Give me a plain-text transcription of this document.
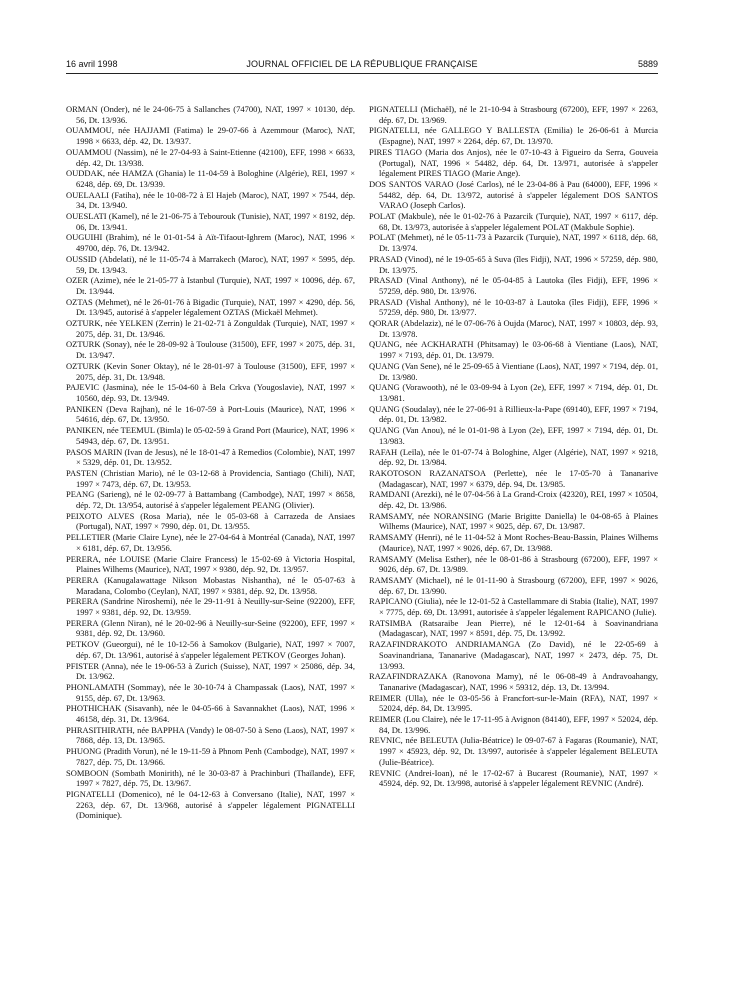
16 avril 1998	JOURNAL OFFICIEL DE LA RÉPUBLIQUE FRANÇAISE	5889

ORMAN (Onder), né le 24-06-75 à Sallanches (74700), NAT, 1997 × 10130, dép. 56, Dt. 13/936.

OUAMMOU, née HAJJAMI (Fatima) le 29-07-66 à Azemmour (Maroc), NAT, 1998 × 6633, dép. 42, Dt. 13/937.

OUAMMOU (Nassim), né le 27-04-93 à Saint-Etienne (42100), EFF, 1998 × 6633, dép. 42, Dt. 13/938.

OUDDAK, née HAMZA (Ghania) le 11-04-59 à Bologhine (Algérie), REI, 1997 × 6248, dép. 69, Dt. 13/939.

OUELAALI (Fatiha), née le 10-08-72 à El Hajeb (Maroc), NAT, 1997 × 7544, dép. 34, Dt. 13/940.

OUESLATI (Kamel), né le 21-06-75 à Tebourouk (Tunisie), NAT, 1997 × 8192, dép. 06, Dt. 13/941.

OUGUIHI (Brahim), né le 01-01-54 à Aït-Tifaout-Ighrem (Maroc), NAT, 1996 × 49700, dép. 76, Dt. 13/942.

OUSSID (Abdelati), né le 11-05-74 à Marrakech (Maroc), NAT, 1997 × 5995, dép. 59, Dt. 13/943.

OZER (Azime), née le 21-05-77 à Istanbul (Turquie), NAT, 1997 × 10096, dép. 67, Dt. 13/944.

OZTAS (Mehmet), né le 26-01-76 à Bigadic (Turquie), NAT, 1997 × 4290, dép. 56, Dt. 13/945, autorisé à s'appeler légalement OZTAS (Mickaël Mehmet).

OZTURK, née YELKEN (Zerrin) le 21-02-71 à Zonguldak (Turquie), NAT, 1997 × 2075, dép. 31, Dt. 13/946.

OZTURK (Sonay), née le 28-09-92 à Toulouse (31500), EFF, 1997 × 2075, dép. 31, Dt. 13/947.

OZTURK (Kevin Soner Oktay), né le 28-01-97 à Toulouse (31500), EFF, 1997 × 2075, dép. 31, Dt. 13/948.

PAJEVIC (Jasmina), née le 15-04-60 à Bela Crkva (Yougoslavie), NAT, 1997 × 10560, dép. 93, Dt. 13/949.

PANIKEN (Deva Rajhan), né le 16-07-59 à Port-Louis (Maurice), NAT, 1996 × 54616, dép. 67, Dt. 13/950.

PANIKEN, née TEEMUL (Bimla) le 05-02-59 à Grand Port (Maurice), NAT, 1996 × 54943, dép. 67, Dt. 13/951.

PASOS MARIN (Ivan de Jesus), né le 18-01-47 à Remedios (Colombie), NAT, 1997 × 5329, dép. 01, Dt. 13/952.

PASTEN (Christian Mario), né le 03-12-68 à Providencia, Santiago (Chili), NAT, 1997 × 7473, dép. 67, Dt. 13/953.

PEANG (Sarieng), né le 02-09-77 à Battambang (Cambodge), NAT, 1997 × 8658, dép. 72, Dt. 13/954, autorisé à s'appeler légalement PEANG (Olivier).

PEIXOTO ALVES (Rosa Maria), née le 05-03-68 à Carrazeda de Ansiaes (Portugal), NAT, 1997 × 7990, dép. 01, Dt. 13/955.

PELLETIER (Marie Claire Lyne), née le 27-04-64 à Montréal (Canada), NAT, 1997 × 6181, dép. 67, Dt. 13/956.

PERERA, née LOUISE (Marie Claire Francess) le 15-02-69 à Victoria Hospital, Plaines Wilhems (Maurice), NAT, 1997 × 9380, dép. 92, Dt. 13/957.

PERERA (Kanugalawattage Nikson Mobastas Nishantha), né le 05-07-63 à Maradana, Colombo (Ceylan), NAT, 1997 × 9381, dép. 92, Dt. 13/958.

PERERA (Sandrine Niroshemi), née le 29-11-91 à Neuilly-sur-Seine (92200), EFF, 1997 × 9381, dép. 92, Dt. 13/959.

PERERA (Glenn Niran), né le 20-02-96 à Neuilly-sur-Seine (92200), EFF, 1997 × 9381, dép. 92, Dt. 13/960.

PETKOV (Gueorgui), né le 10-12-56 à Samokov (Bulgarie), NAT, 1997 × 7007, dép. 67, Dt. 13/961, autorisé à s'appeler légalement PETKOV (Georges Johan).

PFISTER (Anna), née le 19-06-53 à Zurich (Suisse), NAT, 1997 × 25086, dép. 34, Dt. 13/962.

PHONLAMATH (Sommay), née le 30-10-74 à Champassak (Laos), NAT, 1997 × 9155, dép. 67, Dt. 13/963.

PHOTHICHAK (Sisavanh), née le 04-05-66 à Savannakhet (Laos), NAT, 1996 × 46158, dép. 31, Dt. 13/964.

PHRASITHIRATH, née BAPPHA (Vandy) le 08-07-50 à Seno (Laos), NAT, 1997 × 7868, dép. 13, Dt. 13/965.

PHUONG (Pradith Vorun), né le 19-11-59 à Phnom Penh (Cambodge), NAT, 1997 × 7827, dép. 75, Dt. 13/966.

SOMBOON (Sombath Monirith), né le 30-03-87 à Prachinburi (Thaïlande), EFF, 1997 × 7827, dép. 75, Dt. 13/967.

PIGNATELLI (Domenico), né le 04-12-63 à Conversano (Italie), NAT, 1997 × 2263, dép. 67, Dt. 13/968, autorisé à s'appeler légalement PIGNATELLI (Dominique).

PIGNATELLI (Michaël), né le 21-10-94 à Strasbourg (67200), EFF, 1997 × 2263, dép. 67, Dt. 13/969.

PIGNATELLI, née GALLEGO Y BALLESTA (Emilia) le 26-06-61 à Murcia (Espagne), NAT, 1997 × 2264, dép. 67, Dt. 13/970.

PIRES TIAGO (Maria dos Anjos), née le 07-10-43 à Figueiro da Serra, Gouveia (Portugal), NAT, 1996 × 54482, dép. 64, Dt. 13/971, autorisée à s'appeler légalement PIRES TIAGO (Marie Ange).

DOS SANTOS VARAO (José Carlos), né le 23-04-86 à Pau (64000), EFF, 1996 × 54482, dép. 64, Dt. 13/972, autorisé à s'appeler légalement DOS SANTOS VARAO (Joseph Carlos).

POLAT (Makbule), née le 01-02-76 à Pazarcik (Turquie), NAT, 1997 × 6117, dép. 68, Dt. 13/973, autorisée à s'appeler légalement POLAT (Makbule Sophie).

POLAT (Mehmet), né le 05-11-73 à Pazarcik (Turquie), NAT, 1997 × 6118, dép. 68, Dt. 13/974.

PRASAD (Vinod), né le 19-05-65 à Suva (îles Fidji), NAT, 1996 × 57259, dép. 980, Dt. 13/975.

PRASAD (Vinal Anthony), né le 05-04-85 à Lautoka (îles Fidji), EFF, 1996 × 57259, dép. 980, Dt. 13/976.

PRASAD (Vishal Anthony), né le 10-03-87 à Lautoka (îles Fidji), EFF, 1996 × 57259, dép. 980, Dt. 13/977.

QORAR (Abdelaziz), né le 07-06-76 à Oujda (Maroc), NAT, 1997 × 10803, dép. 93, Dt. 13/978.

QUANG, née ACKHARATH (Phitsamay) le 03-06-68 à Vientiane (Laos), NAT, 1997 × 7193, dép. 01, Dt. 13/979.

QUANG (Van Sene), né le 25-09-65 à Vientiane (Laos), NAT, 1997 × 7194, dép. 01, Dt. 13/980.

QUANG (Vorawooth), né le 03-09-94 à Lyon (2e), EFF, 1997 × 7194, dép. 01, Dt. 13/981.

QUANG (Soudalay), née le 27-06-91 à Rillieux-la-Pape (69140), EFF, 1997 × 7194, dép. 01, Dt. 13/982.

QUANG (Van Anou), né le 01-01-98 à Lyon (2e), EFF, 1997 × 7194, dép. 01, Dt. 13/983.

RAFAH (Leïla), née le 01-07-74 à Bologhine, Alger (Algérie), NAT, 1997 × 9218, dép. 92, Dt. 13/984.

RAKOTOSON RAZANATSOA (Perlette), née le 17-05-70 à Tananarive (Madagascar), NAT, 1997 × 6379, dép. 94, Dt. 13/985.

RAMDANI (Arezki), né le 07-04-56 à La Grand-Croix (42320), REI, 1997 × 10504, dép. 42, Dt. 13/986.

RAMSAMY, née NORANSING (Marie Brigitte Daniella) le 04-08-65 à Plaines Wilhems (Maurice), NAT, 1997 × 9025, dép. 67, Dt. 13/987.

RAMSAMY (Henri), né le 11-04-52 à Mont Roches-Beau-Bassin, Plaines Wilhems (Maurice), NAT, 1997 × 9026, dép. 67, Dt. 13/988.

RAMSAMY (Melisa Esther), née le 08-01-86 à Strasbourg (67200), EFF, 1997 × 9026, dép. 67, Dt. 13/989.

RAMSAMY (Michael), né le 01-11-90 à Strasbourg (67200), EFF, 1997 × 9026, dép. 67, Dt. 13/990.

RAPICANO (Giulia), née le 12-01-52 à Castellammare di Stabia (Italie), NAT, 1997 × 7775, dép. 69, Dt. 13/991, autorisée à s'appeler légalement RAPICANO (Julie).

RATSIMBA (Ratsaraibe Jean Pierre), né le 12-01-64 à Soavinandriana (Madagascar), NAT, 1997 × 8591, dép. 75, Dt. 13/992.

RAZAFINDRAKOTO ANDRIAMANGA (Zo David), né le 22-05-69 à Soavinandriana, Tananarive (Madagascar), NAT, 1997 × 2473, dép. 75, Dt. 13/993.

RAZAFINDRAZAKA (Ranovona Mamy), né le 06-08-49 à Andravoahangy, Tananarive (Madagascar), NAT, 1996 × 59312, dép. 13, Dt. 13/994.

REIMER (Ulla), née le 03-05-56 à Francfort-sur-le-Main (RFA), NAT, 1997 × 52024, dép. 84, Dt. 13/995.

REIMER (Lou Claire), née le 17-11-95 à Avignon (84140), EFF, 1997 × 52024, dép. 84, Dt. 13/996.

REVNIC, née BELEUTA (Julia-Béatrice) le 09-07-67 à Fagaras (Roumanie), NAT, 1997 × 45923, dép. 92, Dt. 13/997, autorisée à s'appeler légalement BELEUTA (Julie-Béatrice).

REVNIC (Andrei-Ioan), né le 17-02-67 à Bucarest (Roumanie), NAT, 1997 × 45924, dép. 92, Dt. 13/998, autorisé à s'appeler légalement REVNIC (André).
